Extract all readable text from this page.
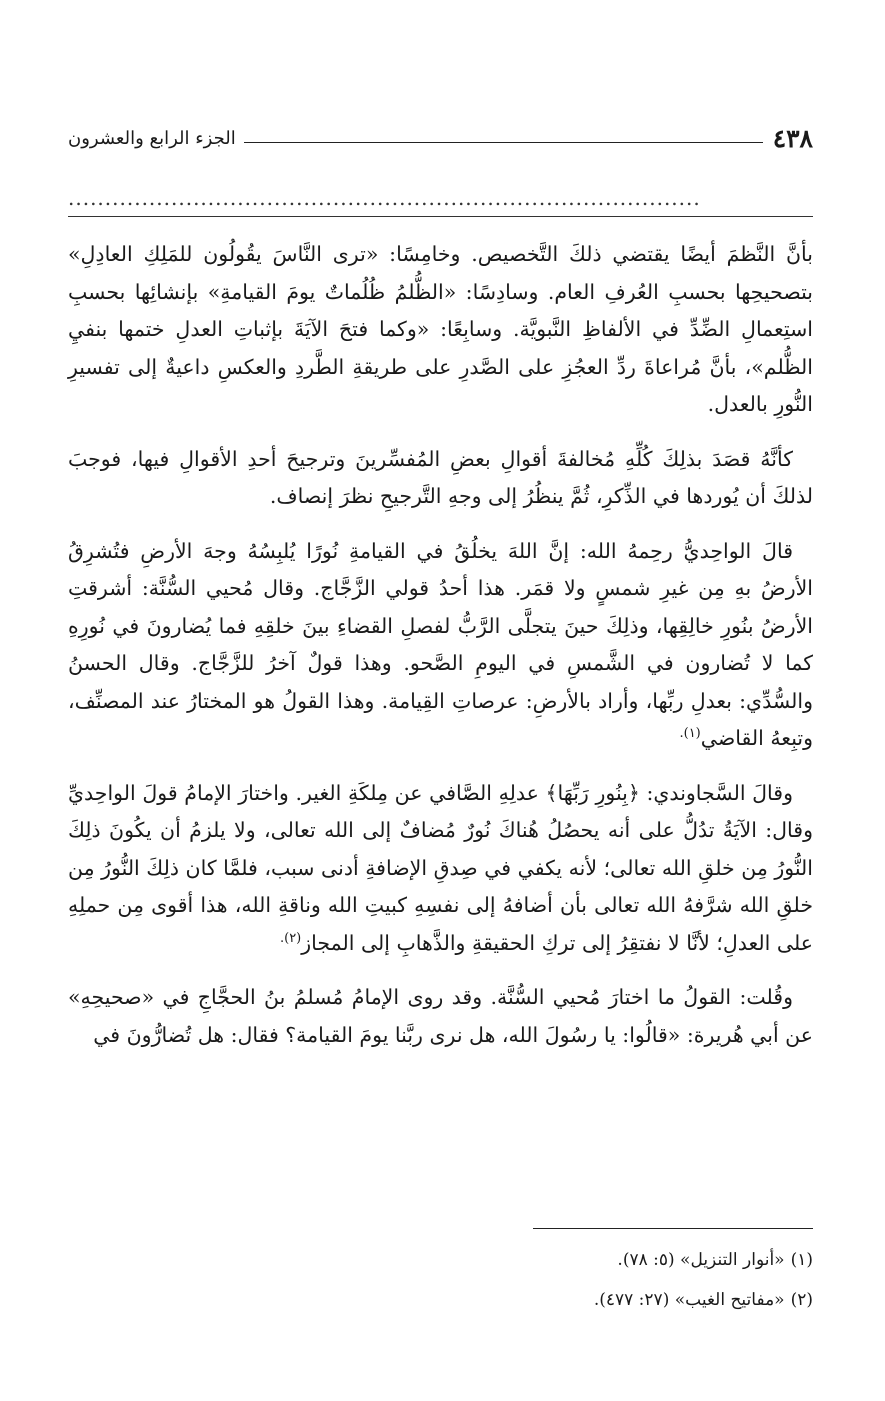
٤٣٨
الجزء الرابع والعشرون
......................................................................................

بأنَّ النَّظمَ أيضًا يقتضي ذلكَ التَّخصيص. وخامِسًا: «ترى النَّاسَ يقُولُون للمَلِكِ العادِلِ» بتصحيحِها بحسبِ العُرفِ العام. وسادِسًا: «الظُّلمُ ظُلُماتٌ يومَ القيامةِ» بإنشائِها بحسبِ استِعمالِ الضِّدِّ في الألفاظِ النَّبويَّة. وسابِعًا: «وكما فتحَ الآيَةَ بإثباتِ العدلِ ختمها بنفيِ الظُّلم»، بأنَّ مُراعاةَ ردِّ العجُزِ على الصَّدرِ على طريقةِ الطَّردِ والعكسِ داعيةٌ إلى تفسيرِ النُّورِ بالعدل.

كأنَّهُ قصَدَ بذلِكَ كُلِّهِ مُخالفةَ أقوالِ بعضِ المُفسِّرينَ وترجيحَ أحدِ الأقوالِ فيها، فوجبَ لذلكَ أن يُوردها في الذِّكرِ، ثُمَّ ينظُرُ إلى وجهِ التَّرجيحِ نظرَ إنصاف.

قالَ الواحِديُّ رحِمهُ الله: إنَّ اللهَ يخلُقُ في القيامةِ نُورًا يُلبِسُهُ وجهَ الأرضِ فتُشرِقُ الأرضُ بهِ مِن غيرِ شمسٍ ولا قمَر. هذا أحدُ قولي الزَّجَّاج. وقال مُحيي السُّنَّة: أشرقتِ الأرضُ بنُورِ خالِقِها، وذلِكَ حينَ يتجلَّى الرَّبُّ لفصلِ القضاءِ بينَ خلقِهِ فما يُضارونَ في نُورِهِ كما لا تُضارون في الشَّمسِ في اليومِ الصَّحو. وهذا قولٌ آخرُ للزَّجَّاج. وقال الحسنُ والسُّدِّي: بعدلِ ربِّها، وأراد بالأرضِ: عرصاتِ القِيامة. وهذا القولُ هو المختارُ عند المصنِّف، وتبِعهُ القاضي$^{(١).}$

وقالَ السَّجاوندي: ﴿بِنُورِ رَبِّهَا﴾ عدلِهِ الصَّافي عن مِلكَةِ الغير. واختارَ الإمامُ قولَ الواحِديِّ وقال: الآيَةُ تدُلُّ على أنه يحصُلُ هُناكَ نُورٌ مُضافٌ إلى الله تعالى، ولا يلزمُ أن يكُونَ ذلِكَ النُّورُ مِن خلقِ الله تعالى؛ لأنه يكفي في صِدقِ الإضافةِ أدنى سبب، فلمَّا كان ذلِكَ النُّورُ مِن خلقِ الله شرَّفهُ الله تعالى بأن أضافهُ إلى نفسِهِ كبيتِ الله وناقةِ الله، هذا أقوى مِن حملِهِ على العدلِ؛ لأنَّا لا نفتقِرُ إلى تركِ الحقيقةِ والذَّهابِ إلى المجاز$^{(٢).}$

وقُلت: القولُ ما اختارَ مُحيي السُّنَّة. وقد روى الإمامُ مُسلمُ بنُ الحجَّاجِ في «صحيحِهِ» عن أبي هُريرة: «قالُوا: يا رسُولَ الله، هل نرى ربَّنا يومَ القيامة؟ فقال: هل تُضارُّونَ في

(١)
«أنوار التنزيل» (٥: ٧٨).
(٢)
«مفاتيح الغيب» (٢٧: ٤٧٧).
